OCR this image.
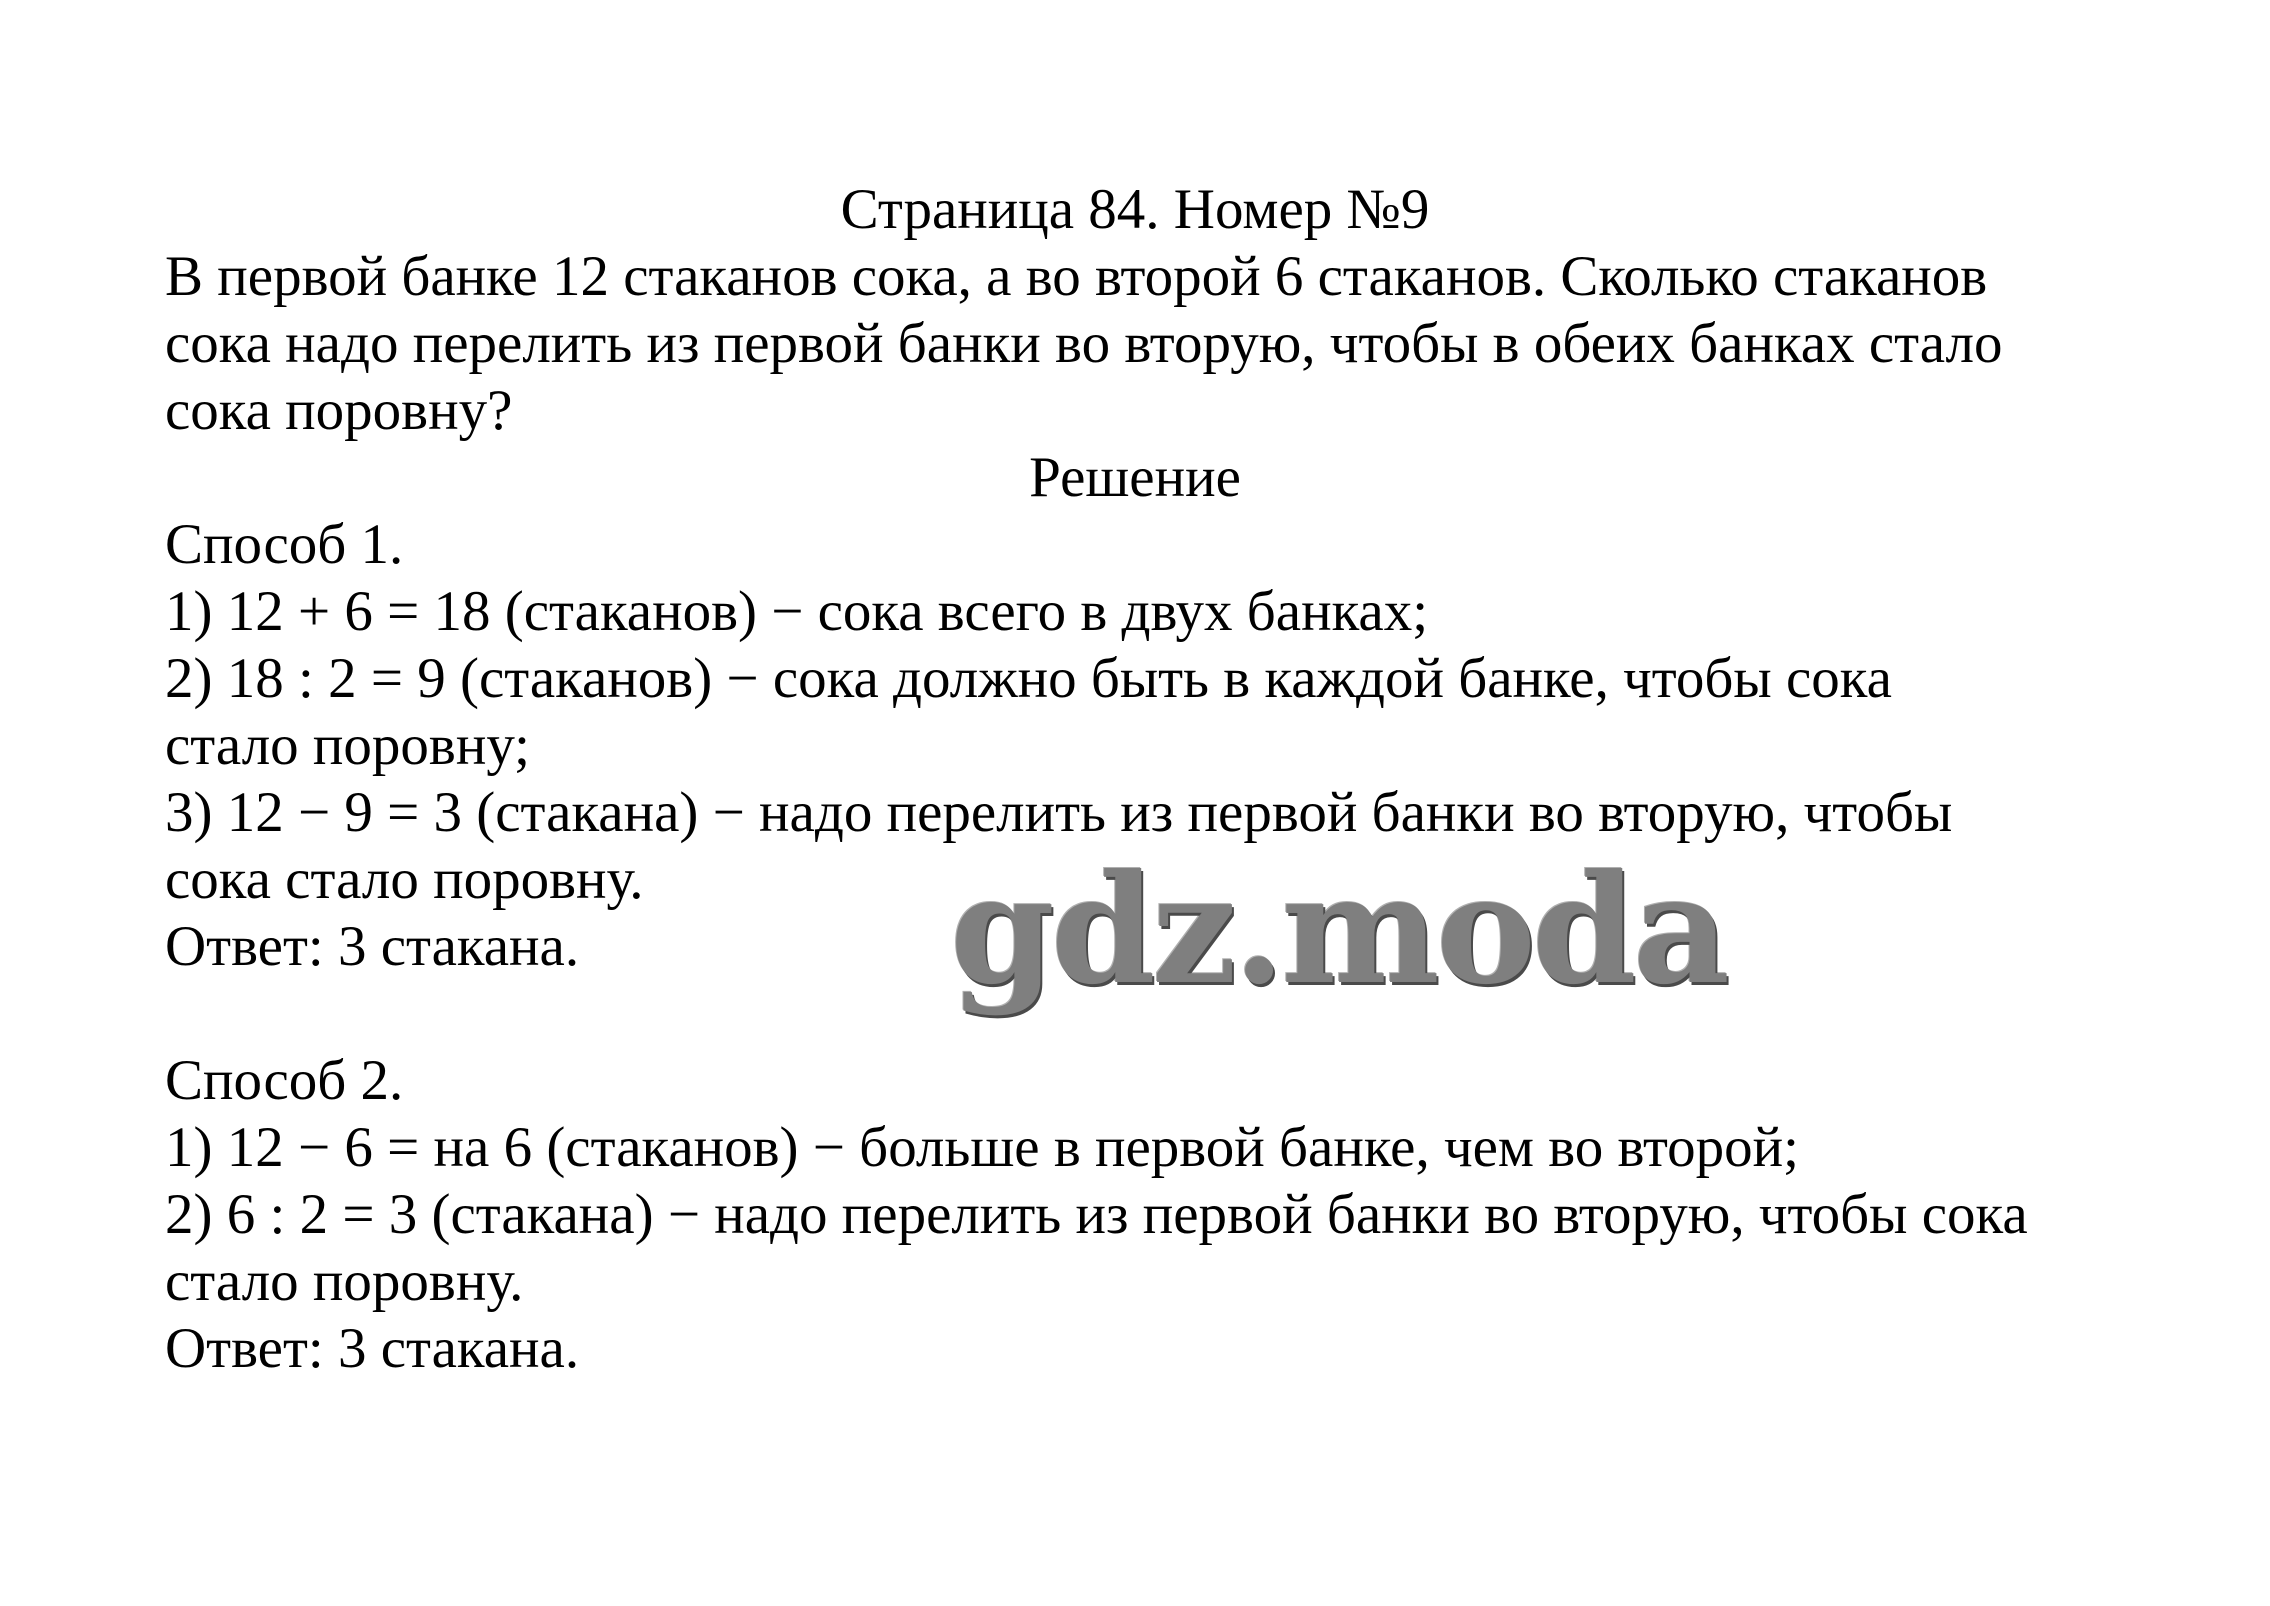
Страница 84. Номер №9
В первой банке 12 стаканов сока, а во второй 6 стаканов. Сколько стаканов
сока надо перелить из первой банки во вторую, чтобы в обеих банках стало
сока поровну?
Решение
Способ 1.
1) 12 + 6 = 18 (стаканов) − сока всего в двух банках;
2) 18 : 2 = 9 (стаканов) − сока должно быть в каждой банке, чтобы сока
стало поровну;
3) 12 − 9 = 3 (стакана) − надо перелить из первой банки во вторую, чтобы
сока стало поровну.
Ответ: 3 стакана.
Способ 2.
1) 12 − 6 = на 6 (стаканов) − больше в первой банке, чем во второй;
2) 6 : 2 = 3 (стакана) − надо перелить из первой банки во вторую, чтобы сока
стало поровну.
Ответ: 3 стакана.
gdz.moda
